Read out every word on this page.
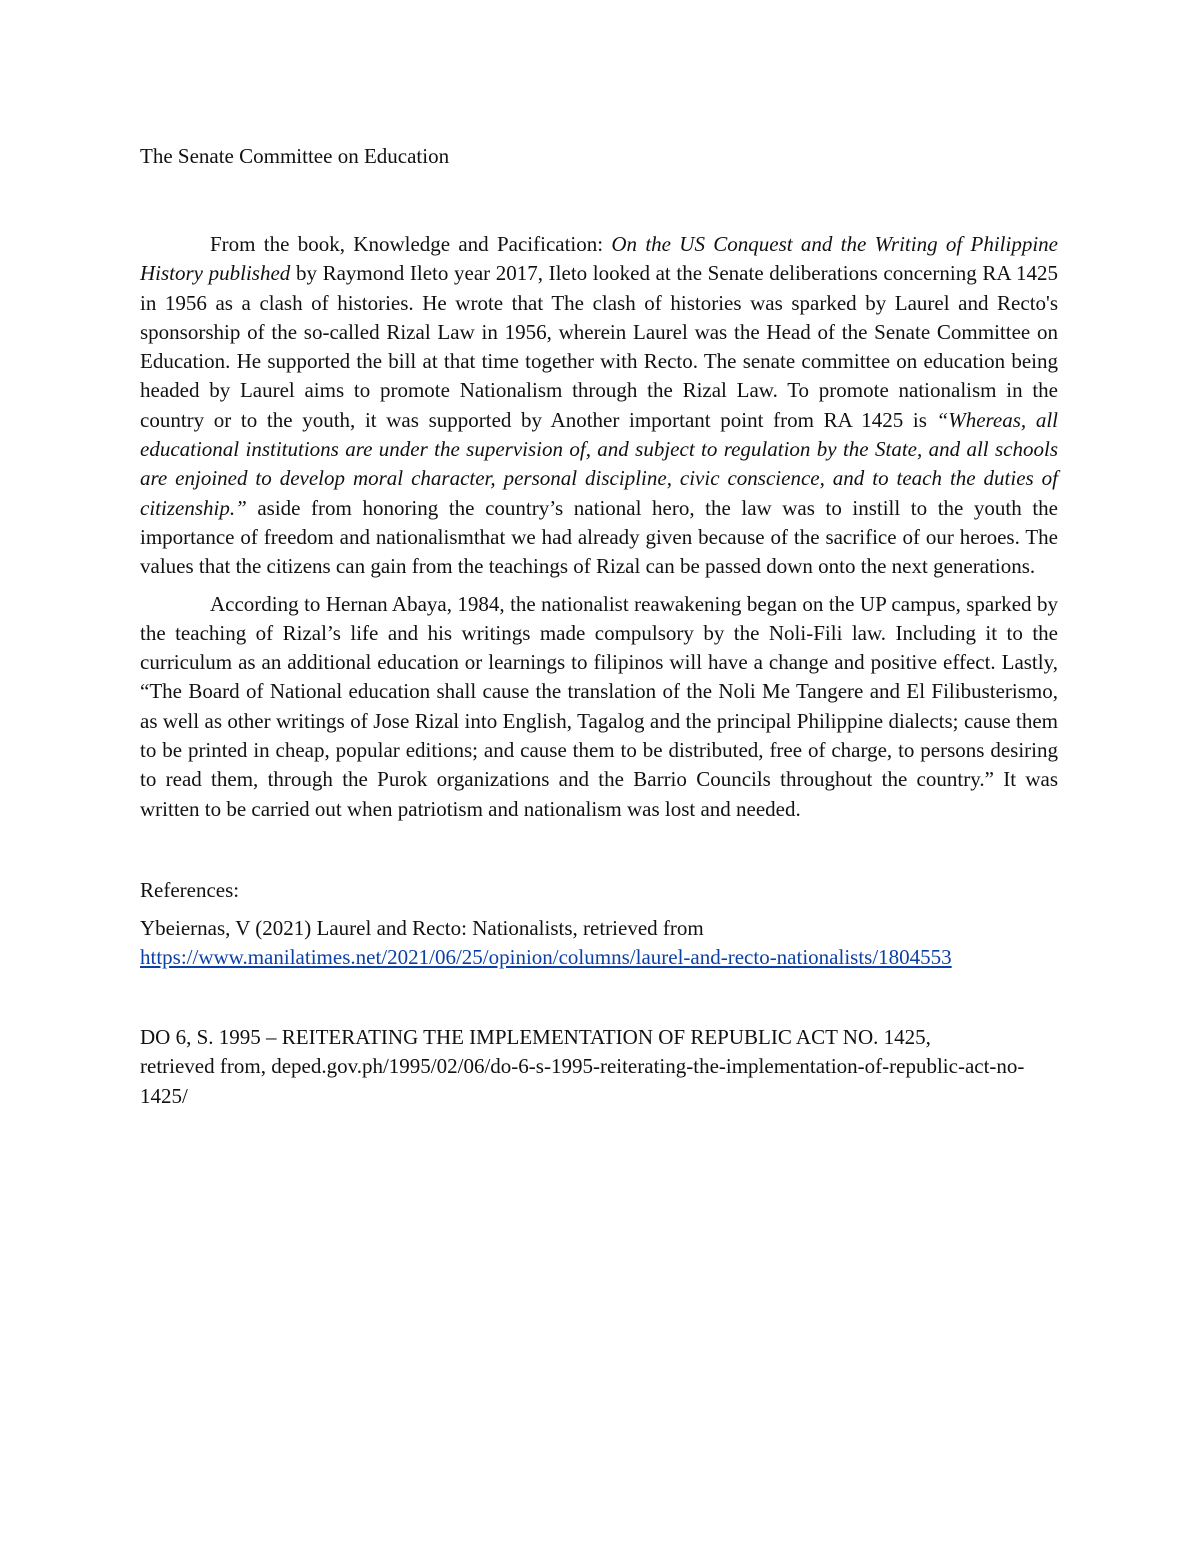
The Senate Committee on Education

From the book, Knowledge and Pacification: On the US Conquest and the Writing of Philippine History published by Raymond Ileto year 2017, Ileto looked at the Senate deliberations concerning RA 1425 in 1956 as a clash of histories. He wrote that The clash of histories was sparked by Laurel and Recto's sponsorship of the so-called Rizal Law in 1956, wherein Laurel was the Head of the Senate Committee on Education. He supported the bill at that time together with Recto. The senate committee on education being headed by Laurel aims to promote Nationalism through the Rizal Law. To promote nationalism in the country or to the youth, it was supported by Another important point from RA 1425 is “Whereas, all educational institutions are under the supervision of, and subject to regulation by the State, and all schools are enjoined to develop moral character, personal discipline, civic conscience, and to teach the duties of citizenship.” aside from honoring the country’s national hero, the law was to instill to the youth the importance of freedom and nationalismthat we had already given because of the sacrifice of our heroes. The values that the citizens can gain from the teachings of Rizal can be passed down onto the next generations.

According to Hernan Abaya, 1984, the nationalist reawakening began on the UP campus, sparked by the teaching of Rizal’s life and his writings made compulsory by the Noli-Fili law. Including it to the curriculum as an additional education or learnings to filipinos will have a change and positive effect. Lastly, “The Board of National education shall cause the translation of the Noli Me Tangere and El Filibusterismo, as well as other writings of Jose Rizal into English, Tagalog and the principal Philippine dialects; cause them to be printed in cheap, popular editions; and cause them to be distributed, free of charge, to persons desiring to read them, through the Purok organizations and the Barrio Councils throughout the country.” It was written to be carried out when patriotism and nationalism was lost and needed.

References:

Ybeiernas, V (2021) Laurel and Recto: Nationalists, retrieved from
https://www.manilatimes.net/2021/06/25/opinion/columns/laurel-and-recto-nationalists/1804553

DO 6, S. 1995 – REITERATING THE IMPLEMENTATION OF REPUBLIC ACT NO. 1425,
retrieved from, deped.gov.ph/1995/02/06/do-6-s-1995-reiterating-the-implementation-of-republic-act-no-1425/
